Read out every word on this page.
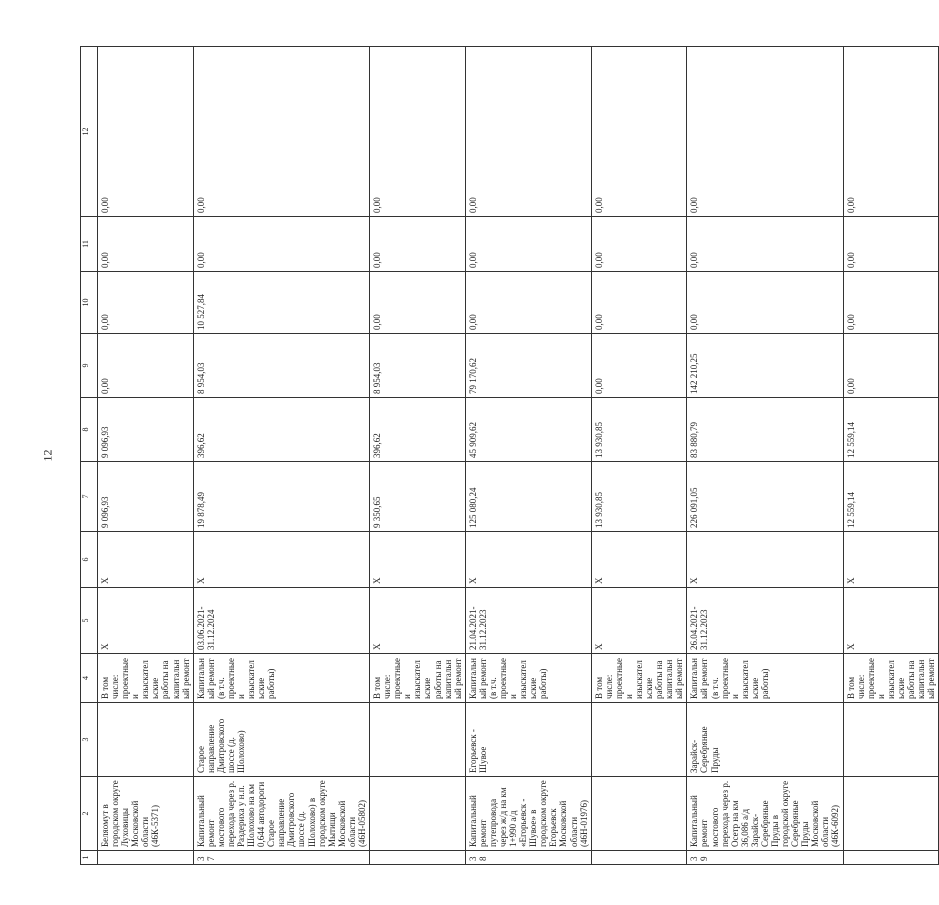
12
1	2	3	4	5	6	7	8	9	10	11	12
	Беляомут в городском округе Луховицы Московской области (46К-5371)		В том числе: проектные и изыскательские работы на капитальный ремонт	X	X	9 096,93	9 096,93	0,00	0,00	0,00	0,00
37	Капитальный ремонт мостового перехода через р. Раздериха у н.п. Шолохово на км 0,644 автодороги Старое направление Дмитровского шоссе (д. Шолохово) в городском округе Мытищи Московской области (46Н-05802)	Старое направление Дмитровского шоссе (д. Шолохово)	Капитальный ремонт (в т.ч. проектные и изыскательские работы)	03.06.2021-31.12.2024	X	19 878,49	396,62	8 954,03	10 527,84	0,00	0,00
			В том числе: проектные и изыскательские работы на капитальный ремонт	X	X	9 350,65	396,62	8 954,03	0,00	0,00	0,00
38	Капитальный ремонт путепровода через ж/д на км 1+990 а/д «Егорьевск - Шувое» в городском округе Егорьевск Московской области (46Н-01976)	Егорьевск - Шувое	Капитальный ремонт (в т.ч. проектные и изыскательские работы)	21.04.2021-31.12.2023	X	125 080,24	45 909,62	79 170,62	0,00	0,00	0,00
			В том числе: проектные и изыскательские работы на капитальный ремонт	X	X	13 930,85	13 930,85	0,00	0,00	0,00	0,00
39	Капитальный ремонт мостового перехода через р. Осетр на км 36,086 а/д Зарайск-Серебряные Пруды в городской округе Серебряные Пруды Московской области (46К-6092)	Зарайск-Серебряные Пруды	Капитальный ремонт (в т.ч. проектные и изыскательские работы)	26.04.2021-31.12.2023	X	226 091,05	83 880,79	142 210,25	0,00	0,00	0,00
			В том числе: проектные и изыскательские работы на капитальный ремонт	X	X	12 559,14	12 559,14	0,00	0,00	0,00	0,00
